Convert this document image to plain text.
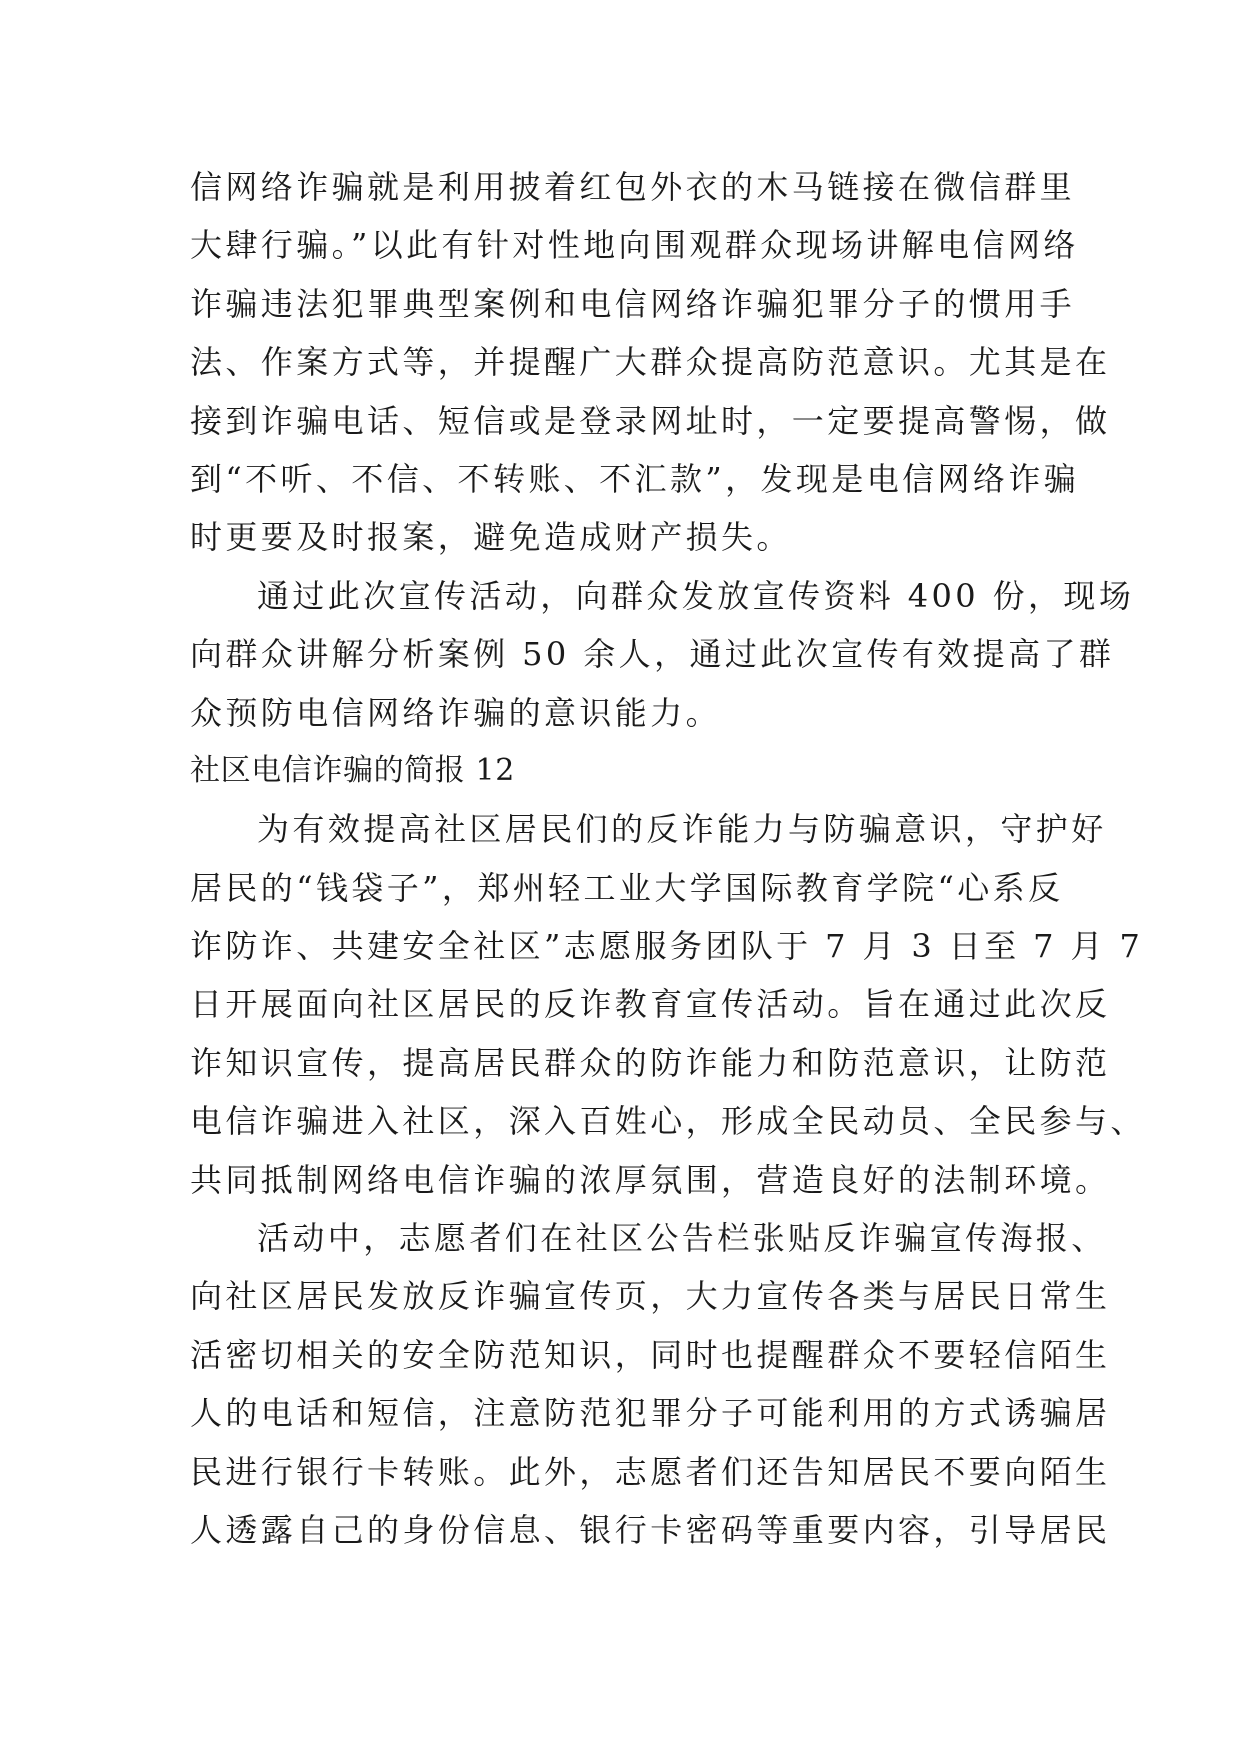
信网络诈骗就是利用披着红包外衣的木马链接在微信群里
大肆行骗。”以此有针对性地向围观群众现场讲解电信网络
诈骗违法犯罪典型案例和电信网络诈骗犯罪分子的惯用手
法、作案方式等，并提醒广大群众提高防范意识。尤其是在
接到诈骗电话、短信或是登录网址时，一定要提高警惕，做
到“不听、不信、不转账、不汇款”，发现是电信网络诈骗
时更要及时报案，避免造成财产损失。
通过此次宣传活动，向群众发放宣传资料 400 份，现场
向群众讲解分析案例 50 余人，通过此次宣传有效提高了群
众预防电信网络诈骗的意识能力。
社区电信诈骗的简报 12
为有效提高社区居民们的反诈能力与防骗意识，守护好
居民的“钱袋子”，郑州轻工业大学国际教育学院“心系反
诈防诈、共建安全社区”志愿服务团队于 7 月 3 日至 7 月 7
日开展面向社区居民的反诈教育宣传活动。旨在通过此次反
诈知识宣传，提高居民群众的防诈能力和防范意识，让防范
电信诈骗进入社区，深入百姓心，形成全民动员、全民参与、
共同抵制网络电信诈骗的浓厚氛围，营造良好的法制环境。
活动中，志愿者们在社区公告栏张贴反诈骗宣传海报、
向社区居民发放反诈骗宣传页，大力宣传各类与居民日常生
活密切相关的安全防范知识，同时也提醒群众不要轻信陌生
人的电话和短信，注意防范犯罪分子可能利用的方式诱骗居
民进行银行卡转账。此外，志愿者们还告知居民不要向陌生
人透露自己的身份信息、银行卡密码等重要内容，引导居民
